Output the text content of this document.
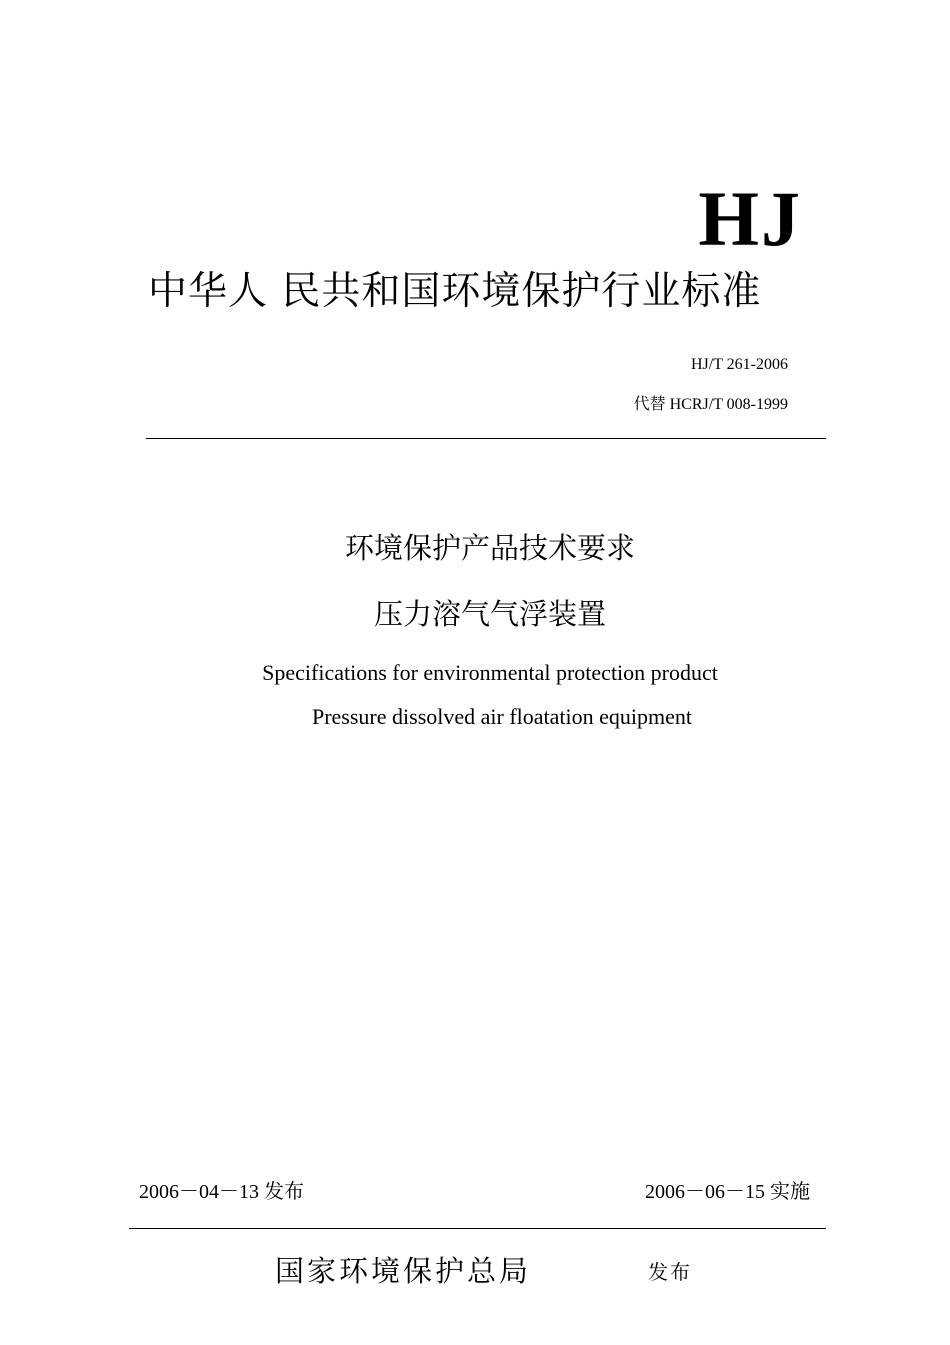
HJ
中华人 民共和国环境保护行业标准
HJ/T 261-2006
代替 HCRJ/T 008-1999
环境保护产品技术要求
压力溶气气浮装置
Specifications for environmental protection product
Pressure dissolved air floatation equipment
2006－04－13 发布	2006－06－15 实施
国家环境保护总局	发布
